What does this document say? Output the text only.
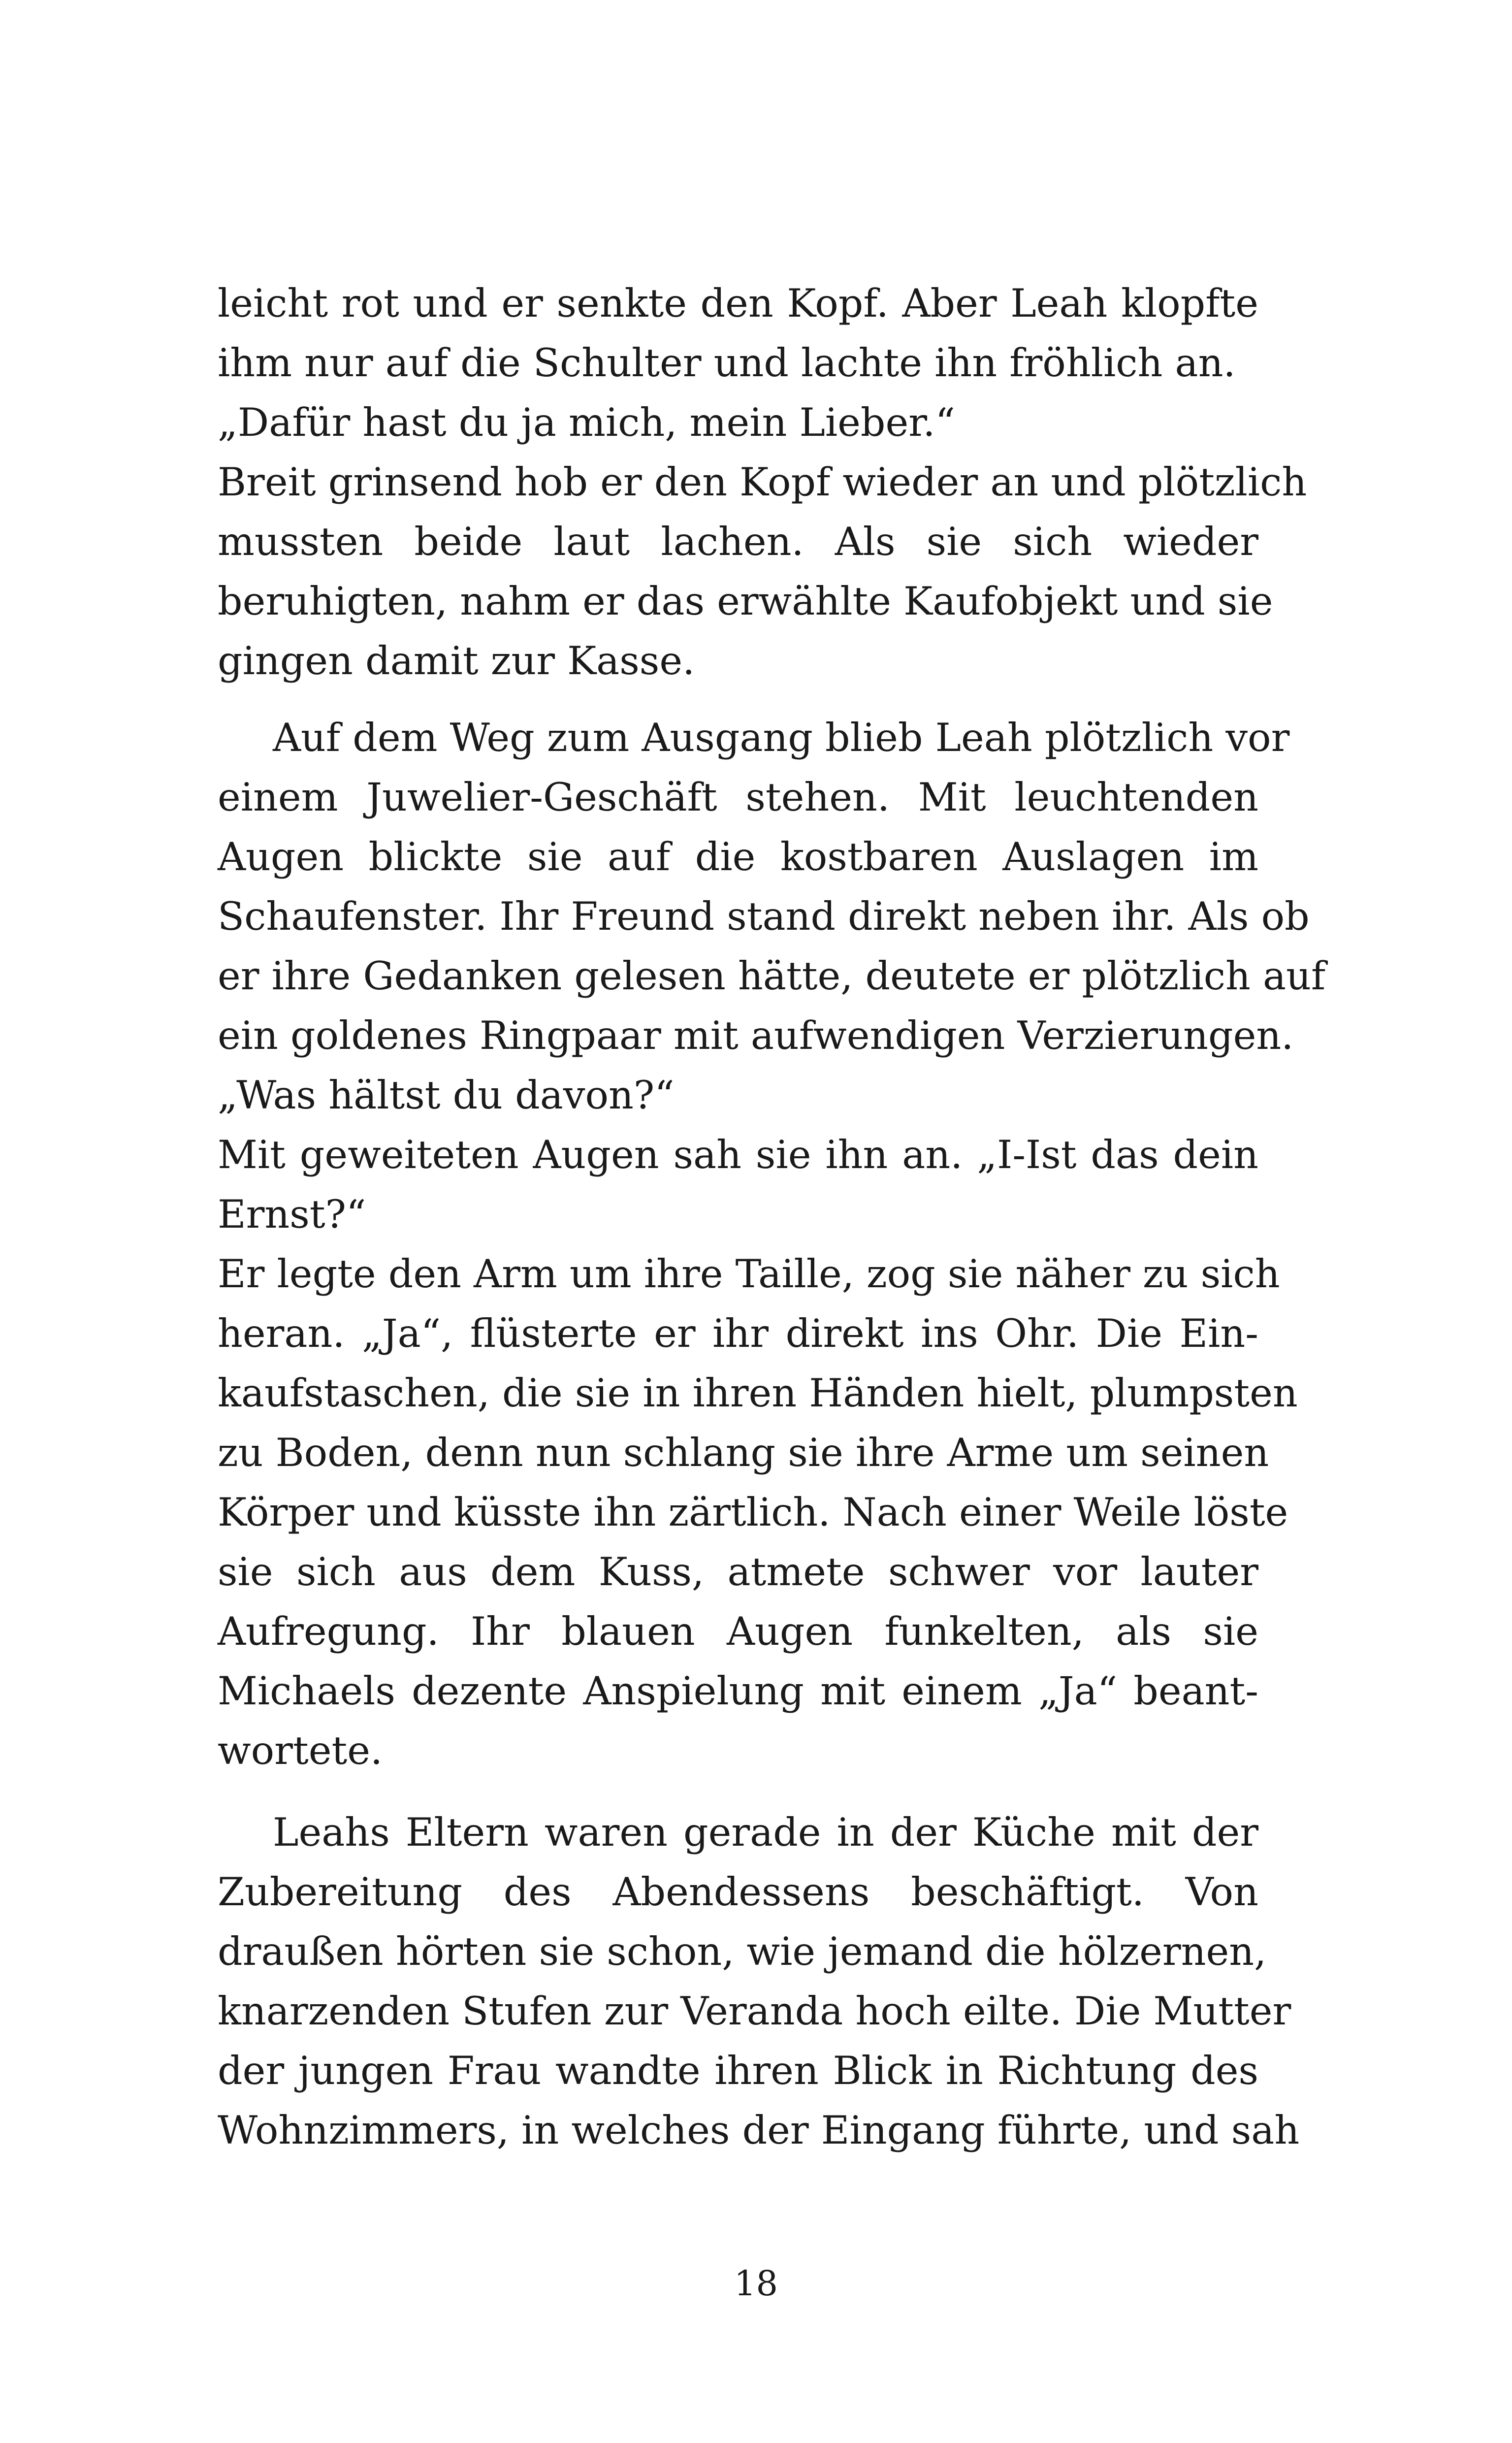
leicht rot und er senkte den Kopf. Aber Leah klopfte
ihm nur auf die Schulter und lachte ihn fröhlich an.
„Dafür hast du ja mich, mein Lieber.“
Breit grinsend hob er den Kopf wieder an und plötzlich
mussten beide laut lachen. Als sie sich wieder
beruhigten, nahm er das erwählte Kaufobjekt und sie
gingen damit zur Kasse.
Auf dem Weg zum Ausgang blieb Leah plötzlich vor
einem Juwelier-Geschäft stehen. Mit leuchtenden
Augen blickte sie auf die kostbaren Auslagen im
Schaufenster. Ihr Freund stand direkt neben ihr. Als ob
er ihre Gedanken gelesen hätte, deutete er plötzlich auf
ein goldenes Ringpaar mit aufwendigen Verzierungen.
„Was hältst du davon?“
Mit geweiteten Augen sah sie ihn an. „I-Ist das dein
Ernst?“
Er legte den Arm um ihre Taille, zog sie näher zu sich
heran. „Ja“, flüsterte er ihr direkt ins Ohr. Die Ein-
kaufstaschen, die sie in ihren Händen hielt, plumpsten
zu Boden, denn nun schlang sie ihre Arme um seinen
Körper und küsste ihn zärtlich. Nach einer Weile löste
sie sich aus dem Kuss, atmete schwer vor lauter
Aufregung. Ihr blauen Augen funkelten, als sie
Michaels dezente Anspielung mit einem „Ja“ beant-
wortete.
Leahs Eltern waren gerade in der Küche mit der
Zubereitung des Abendessens beschäftigt. Von
draußen hörten sie schon, wie jemand die hölzernen,
knarzenden Stufen zur Veranda hoch eilte. Die Mutter
der jungen Frau wandte ihren Blick in Richtung des
Wohnzimmers, in welches der Eingang führte, und sah
18
